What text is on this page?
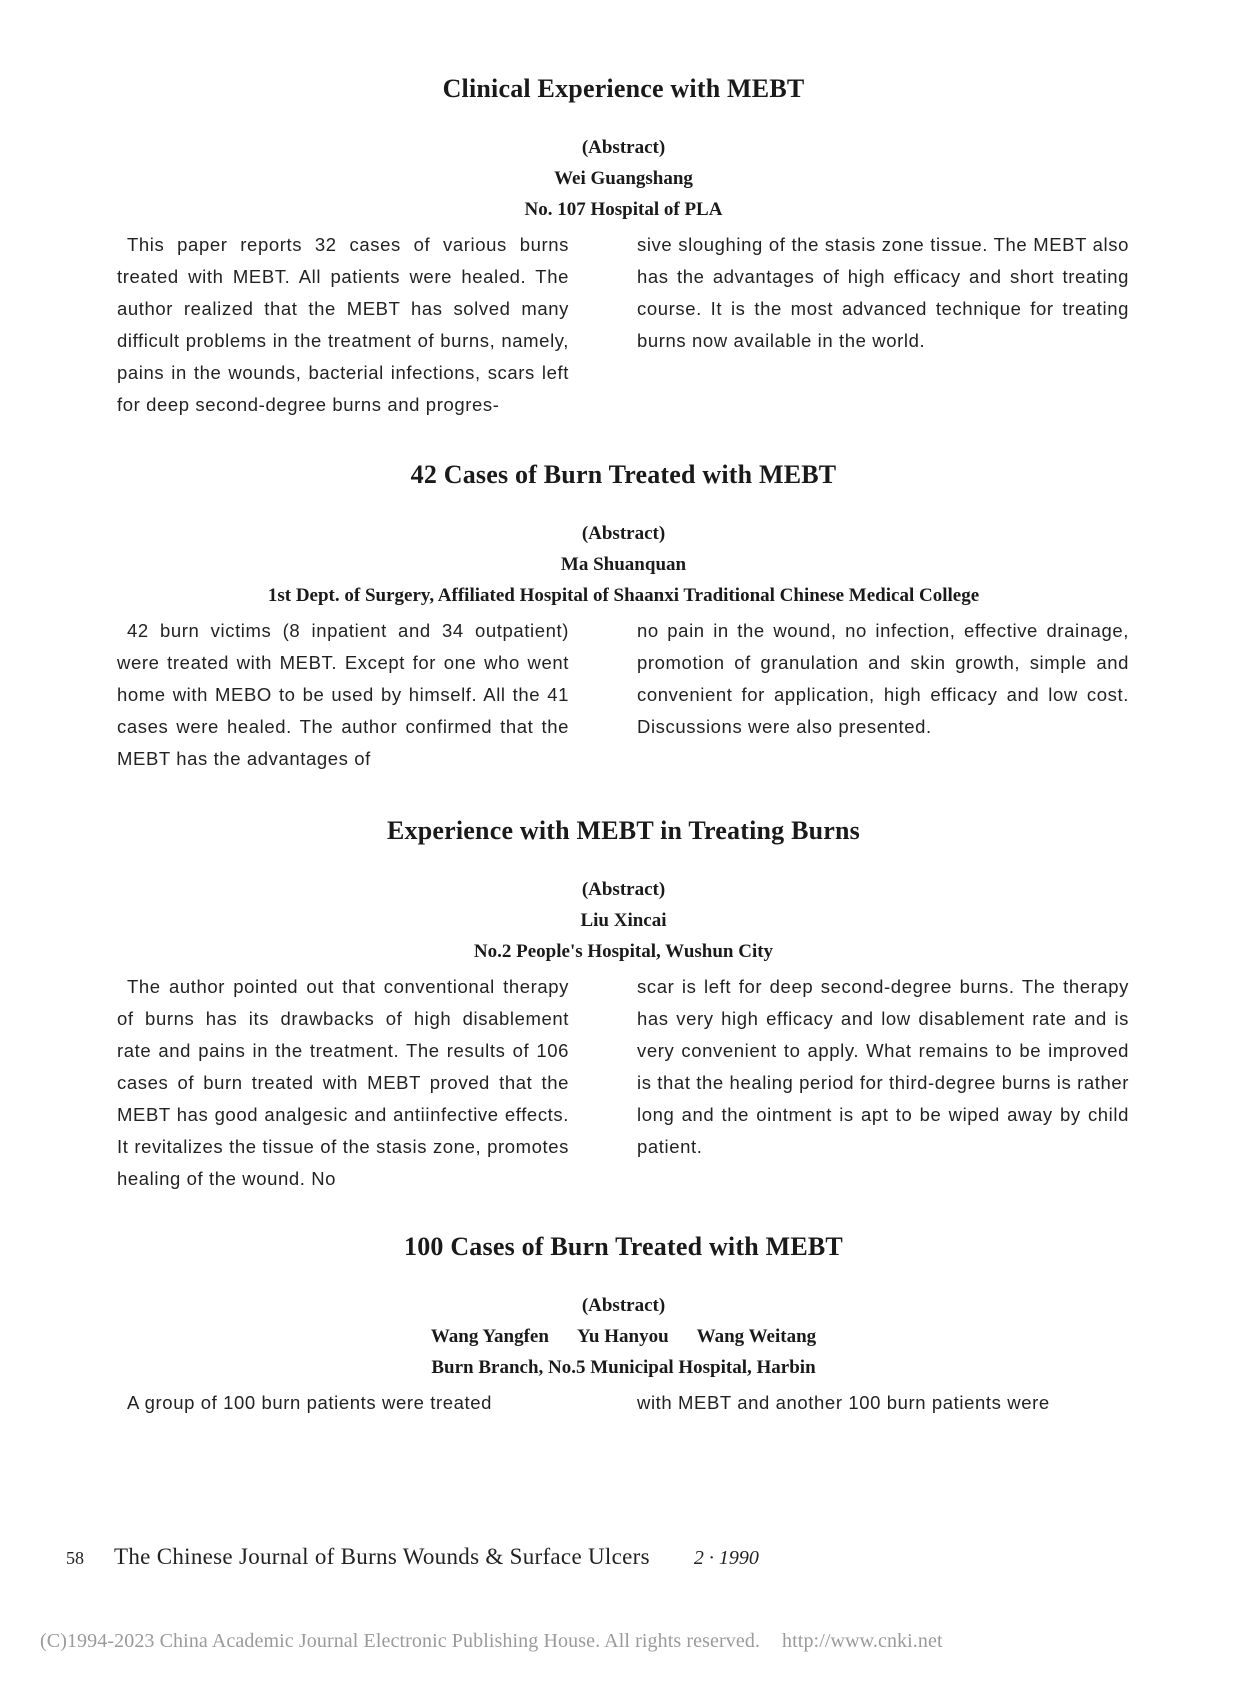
Clinical Experience with MEBT
(Abstract)
Wei Guangshang
No. 107 Hospital of PLA

This paper reports 32 cases of various burns treated with MEBT. All patients were healed. The author realized that the MEBT has solved many difficult problems in the treatment of burns, namely, pains in the wounds, bacterial infections, scars left for deep second-degree burns and progres-

sive sloughing of the stasis zone tissue. The MEBT also has the advantages of high efficacy and short treating course. It is the most advanced technique for treating burns now available in the world.

42 Cases of Burn Treated with MEBT
(Abstract)
Ma Shuanquan
1st Dept. of Surgery, Affiliated Hospital of Shaanxi Traditional Chinese Medical College

42 burn victims (8 inpatient and 34 outpatient) were treated with MEBT. Except for one who went home with MEBO to be used by himself. All the 41 cases were healed. The author confirmed that the MEBT has the advantages of

no pain in the wound, no infection, effective drainage, promotion of granulation and skin growth, simple and convenient for application, high efficacy and low cost. Discussions were also presented.

Experience with MEBT in Treating Burns
(Abstract)
Liu Xincai
No.2 People's Hospital, Wushun City

The author pointed out that conventional therapy of burns has its drawbacks of high disablement rate and pains in the treatment. The results of 106 cases of burn treated with MEBT proved that the MEBT has good analgesic and antiinfective effects. It revitalizes the tissue of the stasis zone, promotes healing of the wound. No

scar is left for deep second-degree burns. The therapy has very high efficacy and low disablement rate and is very convenient to apply. What remains to be improved is that the healing period for third-degree burns is rather long and the ointment is apt to be wiped away by child patient.

100 Cases of Burn Treated with MEBT
(Abstract)
Wang Yangfen Yu Hanyou Wang Weitang
Burn Branch, No.5 Municipal Hospital, Harbin

A group of 100 burn patients were treated	with MEBT and another 100 burn patients were

58 The Chinese Journal of Burns Wounds & Surface Ulcers 2 · 1990
(C)1994-2023 China Academic Journal Electronic Publishing House. All rights reserved. http://www.cnki.net
